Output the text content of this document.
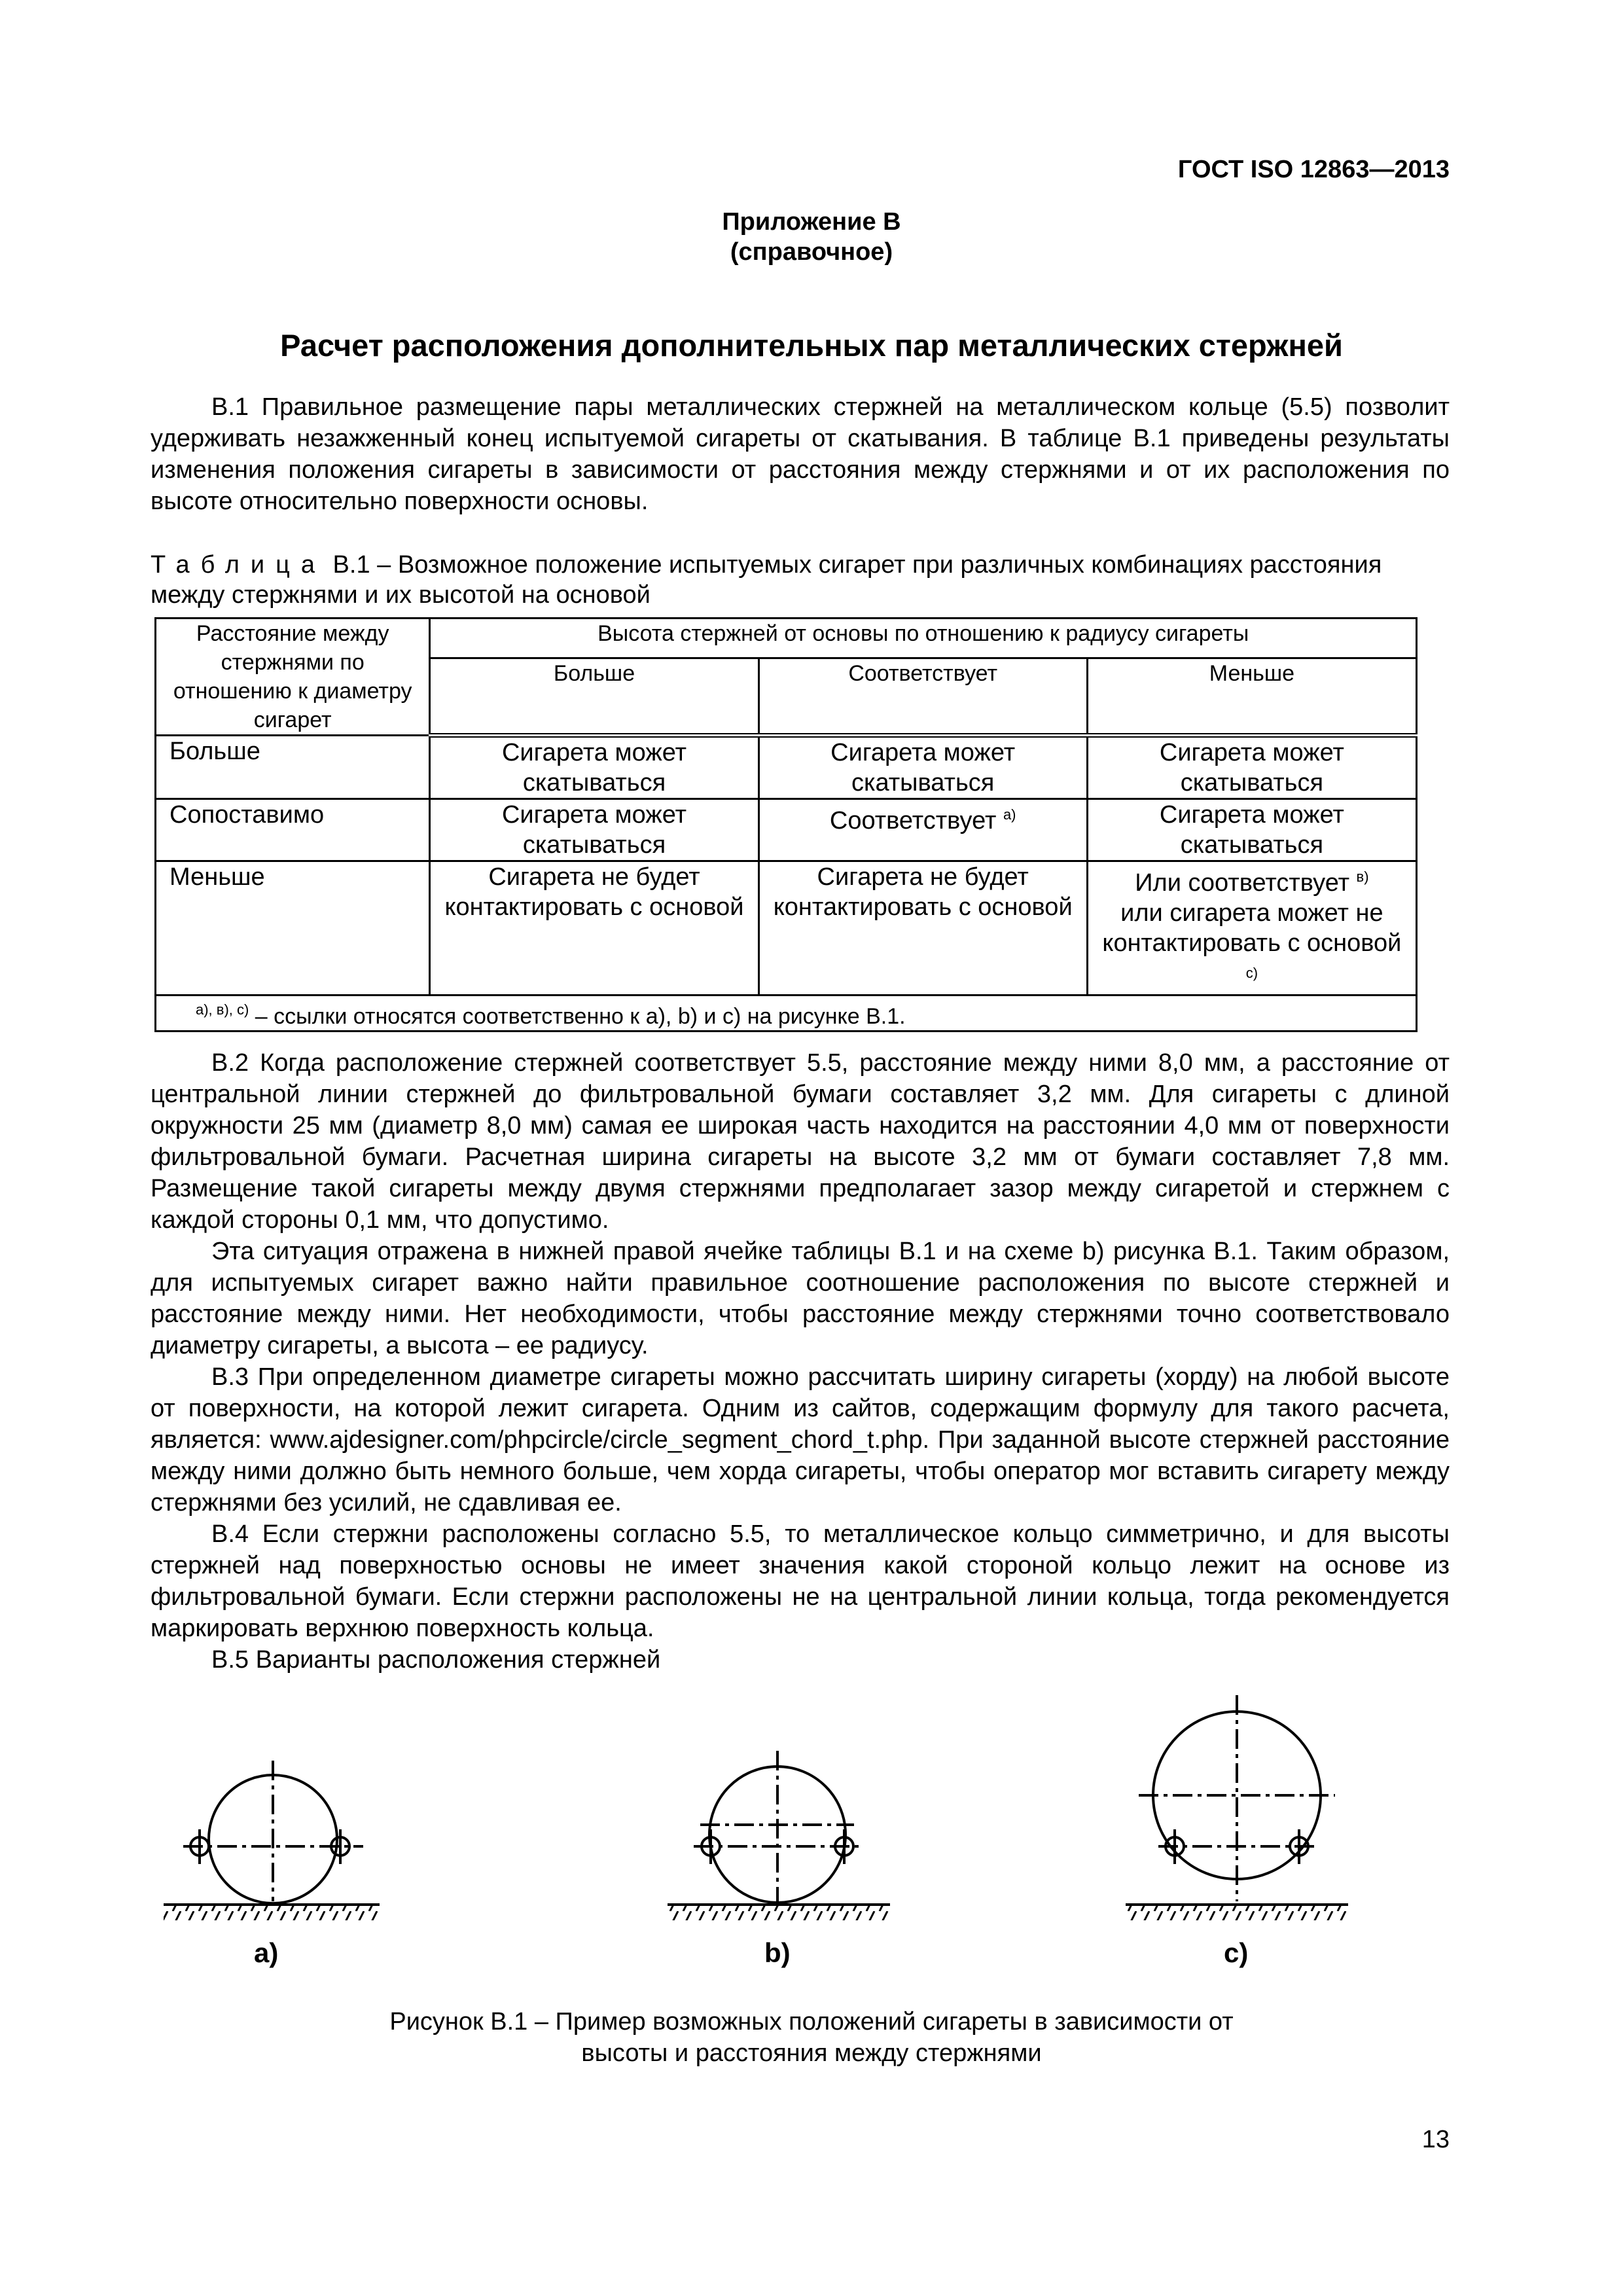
ГОСТ ISO 12863—2013
Приложение В
(справочное)
Расчет расположения дополнительных пар металлических стержней

В.1 Правильное размещение пары металлических стержней на металлическом кольце (5.5) позволит удерживать незажженный конец испытуемой сигареты от скатывания. В таблице В.1 приведены результаты изменения положения сигареты в зависимости от расстояния между стержнями и от их расположения по высоте относительно поверхности основы.

Таблица В.1 – Возможное положение испытуемых сигарет при различных комбинациях расстояния между стержнями и их высотой на основой
Расстояние между стержнями по отношению к диаметру сигарет	Высота стержней от основы по отношению к радиусу сигареты		
	Больше	Соответствует	Меньше
Больше	Сигарета может скатываться	Сигарета может скатываться	Сигарета может скатываться
Сопоставимо	Сигарета может скатываться	Соответствует $^{а)}$	Сигарета может скатываться
Меньше	Сигарета не будет контактировать с основой	Сигарета не будет контактировать с основой	Или соответствует $^{в)}$
или сигарета может не контактировать с основой $^{с)}$
$^{а), в), с)}$ – ссылки относятся соответственно к а), b) и с) на рисунке В.1.			

В.2 Когда расположение стержней соответствует 5.5, расстояние между ними 8,0 мм, а расстояние от центральной линии стержней до фильтровальной бумаги составляет 3,2 мм. Для сигареты с длиной окружности 25 мм (диаметр 8,0 мм) самая ее широкая часть находится на расстоянии 4,0 мм от поверхности фильтровальной бумаги. Расчетная ширина сигареты на высоте 3,2 мм от бумаги составляет 7,8 мм. Размещение такой сигареты между двумя стержнями предполагает зазор между сигаретой и стержнем с каждой стороны 0,1 мм, что допустимо.

Эта ситуация отражена в нижней правой ячейке таблицы В.1 и на схеме b) рисунка В.1. Таким образом, для испытуемых сигарет важно найти правильное соотношение расположения по высоте стержней и расстояние между ними. Нет необходимости, чтобы расстояние между стержнями точно соответствовало диаметру сигареты, а высота – ее радиусу.

В.3 При определенном диаметре сигареты можно рассчитать ширину сигареты (хорду) на любой высоте от поверхности, на которой лежит сигарета. Одним из сайтов, содержащим формулу для такого расчета, является: www.ajdesigner.com/phpcircle/circle_segment_chord_t.php. При заданной высоте стержней расстояние между ними должно быть немного больше, чем хорда сигареты, чтобы оператор мог вставить сигарету между стержнями без усилий, не сдавливая ее.

В.4 Если стержни расположены согласно 5.5, то металлическое кольцо симметрично, и для высоты стержней над поверхностью основы не имеет значения какой стороной кольцо лежит на основе из фильтровальной бумаги. Если стержни расположены не на центральной линии кольца, тогда рекомендуется маркировать верхнюю поверхность кольца.

В.5 Варианты расположения стержней

a)	b)	c)
Рисунок В.1 – Пример возможных положений сигареты в зависимости от
высоты и расстояния между стержнями
13
